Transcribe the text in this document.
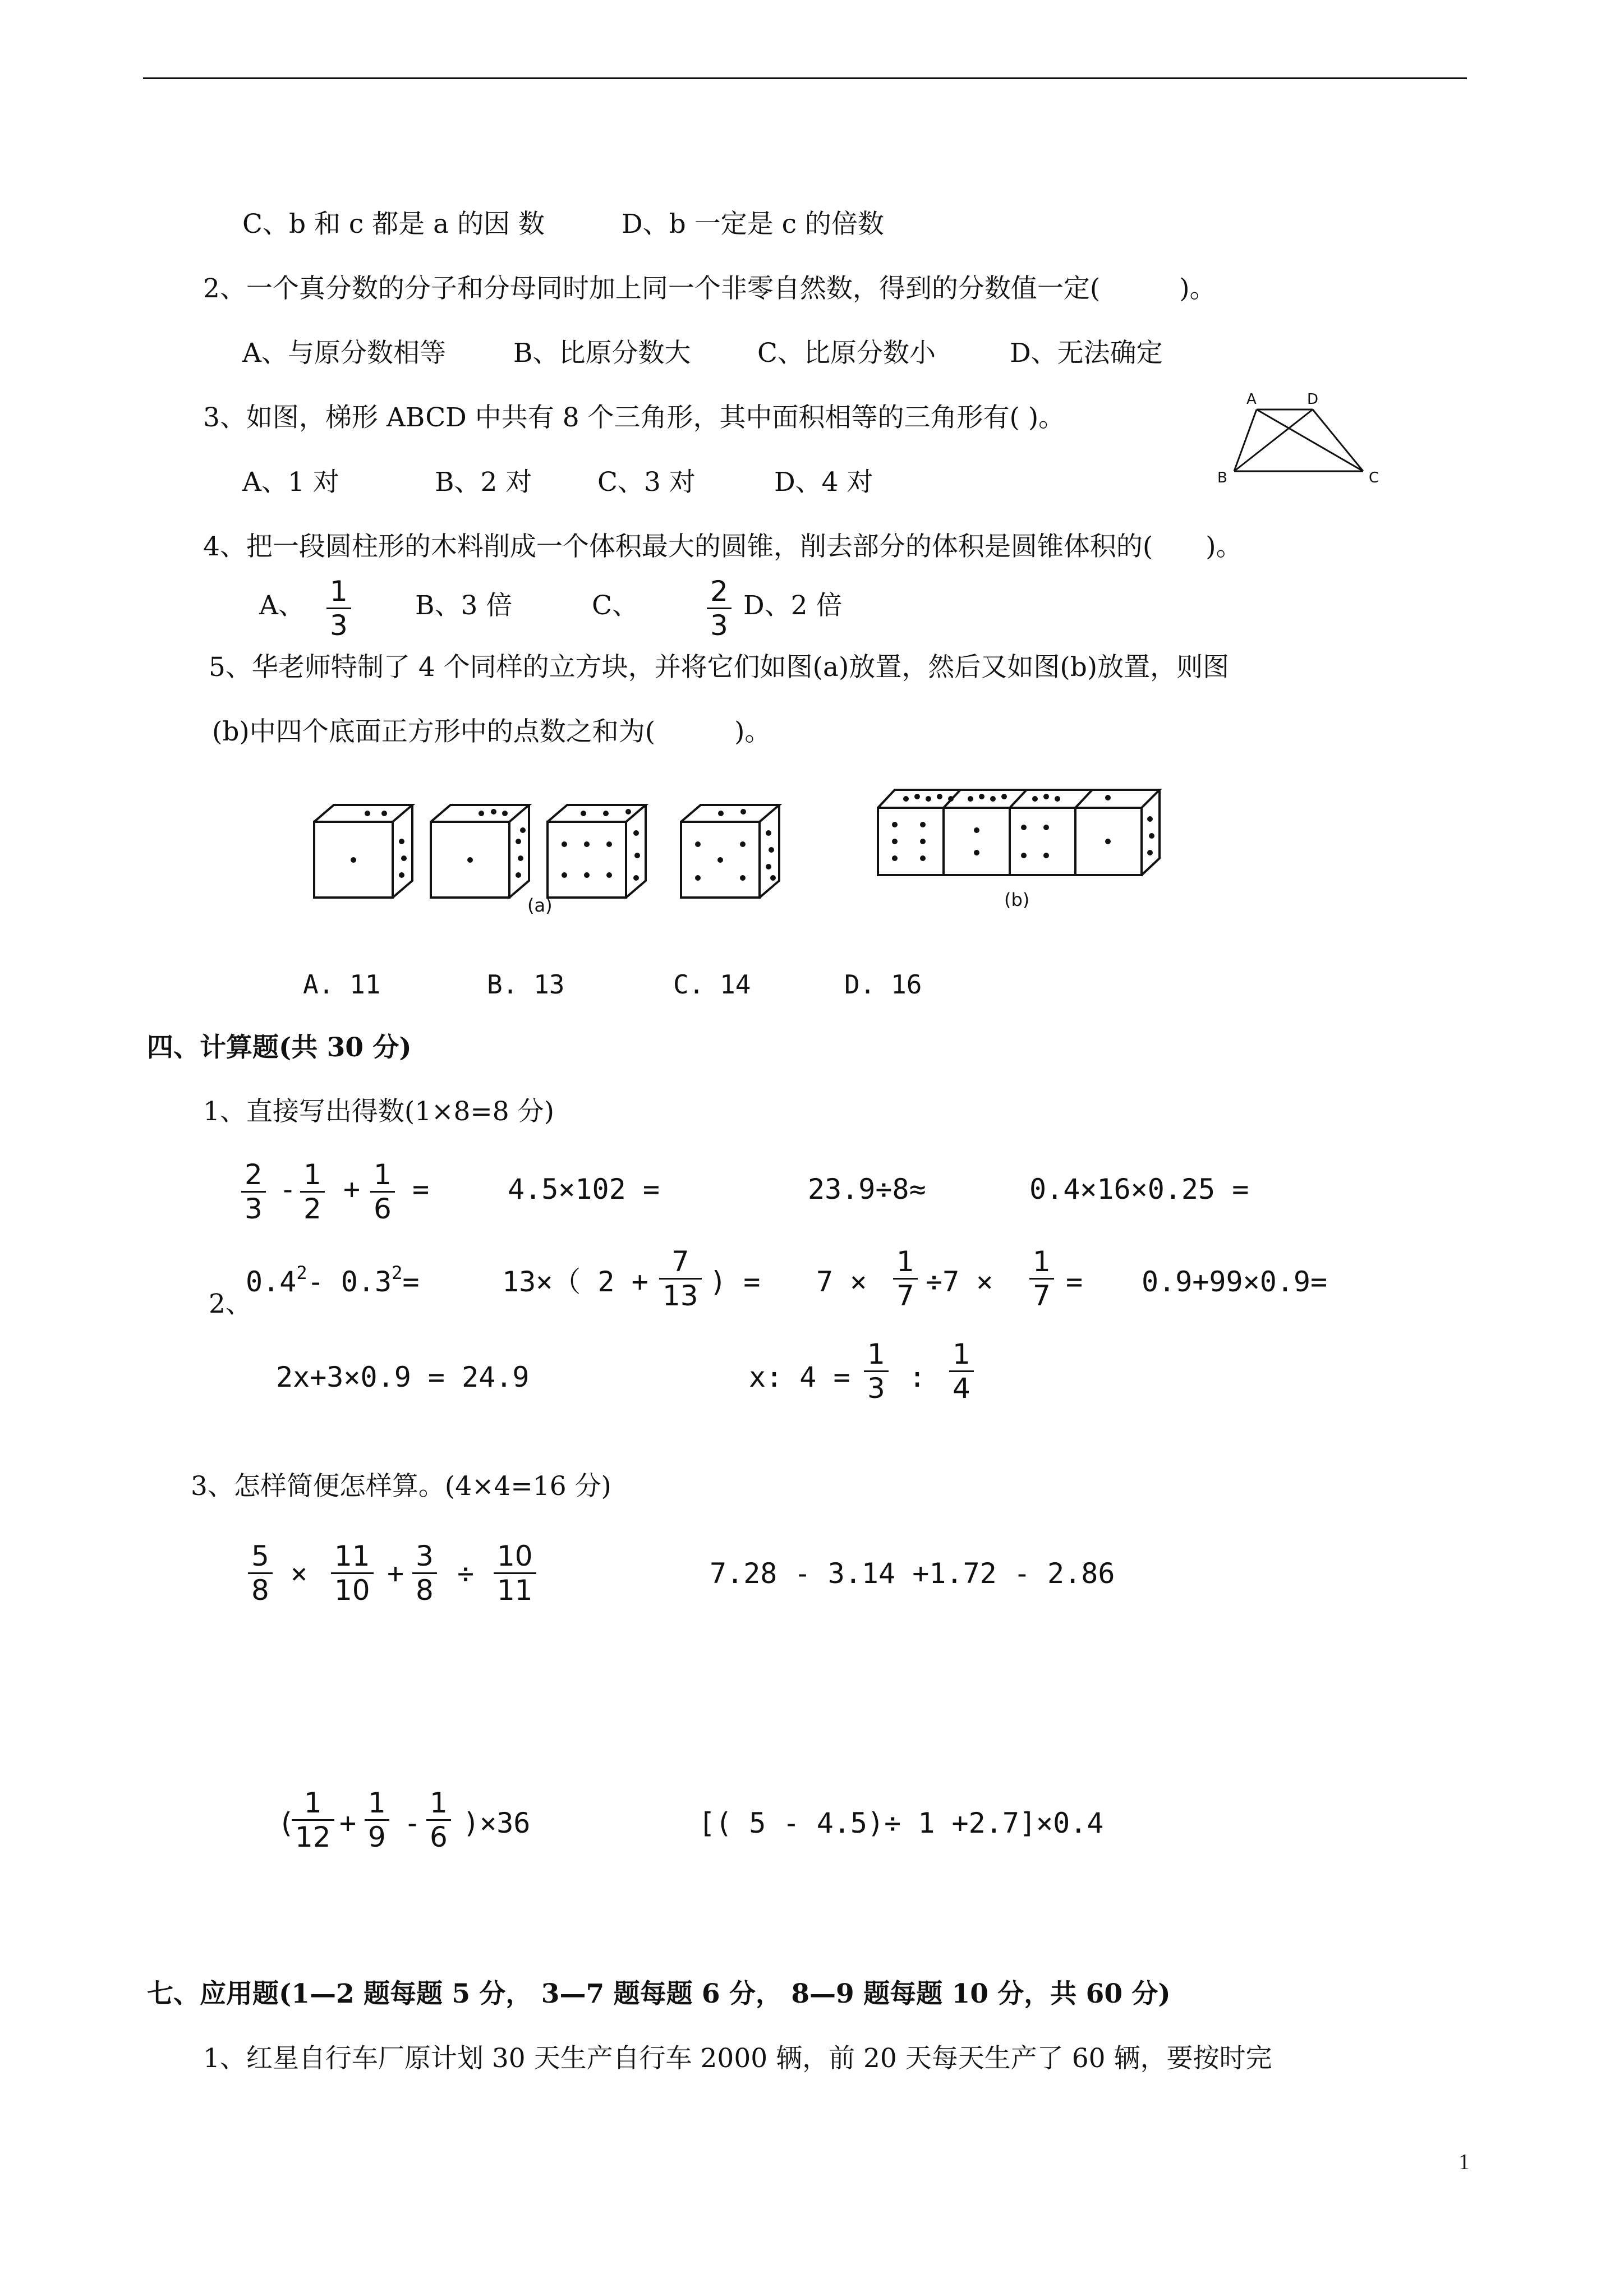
C、b 和 c 都是 a 的因 数	D、b 一定是 c 的倍数
2、一个真分数的分子和分母同时加上同一个非零自然数，得到的分数值一定(　　　)。
A、与原分数相等	B、比原分数大	C、比原分数小	D、无法确定
3、如图，梯形 ABCD 中共有 8 个三角形，其中面积相等的三角形有( )。
A、1 对	B、2 对 C、3 对	D、4 对
A	D
B	C
4、把一段圆柱形的木料削成一个体积最大的圆锥，削去部分的体积是圆锥体积的(　　)。
A、 1
3
B、3 倍	C、	2
3
D、2 倍
5、华老师特制了 4 个同样的立方块，并将它们如图(a)放置，然后又如图(b)放置，则图
(b)中四个底面正方形中的点数之和为(　　　)。
(a)	(b)
A. 11	B. 13	C. 14	D. 16
四、计算题(共 30 分)
1、直接写出得数(1×8=8 分)
2
3
- 1
2
+ 1
6
=	4.5×102 =	23.9÷8≈	0.4×16×0.25 =
2、
$0.4^2-$ $0.3^2=$	13×（ 2 +
7
13 ) = 7 ×
1
7 ÷7 ×
1
7 = 0.9+99×0.9=
2x+3×0.9 = 24.9	x: 4 =
1
3 :
1
4
3、怎样简便怎样算。(4×4=16 分)
5
8
×
11
10
+
3
8
÷
10
11
7.28 - 3.14 +1.72 - 2.86
(
1
12 +
1
9 -
1
6 )×36	[( 5 - 4.5)÷ 1 +2.7]×0.4
七、应用题(1—2 题每题 5 分， 3—7 题每题 6 分， 8—9 题每题 10 分，共 60 分)
1、红星自行车厂原计划 30 天生产自行车 2000 辆，前 20 天每天生产了 60 辆，要按时完
1
